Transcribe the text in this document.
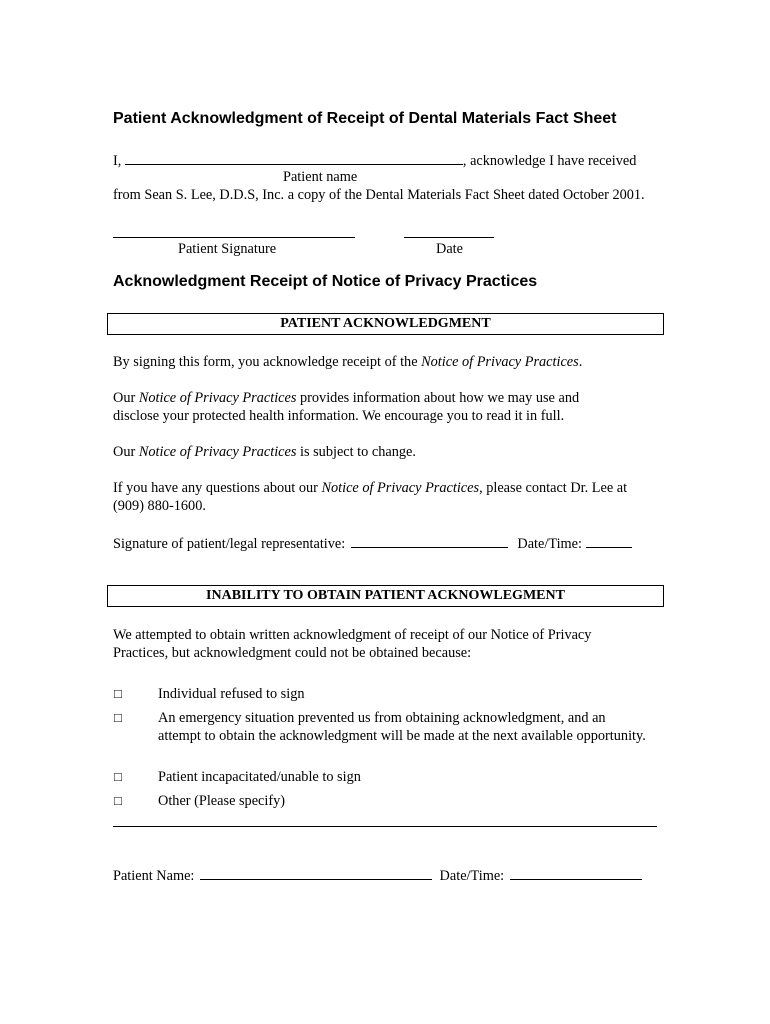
Patient Acknowledgment of Receipt of Dental Materials Fact Sheet
I,	, acknowledge I have received
Patient name
from Sean S. Lee, D.D.S, Inc. a copy of the Dental Materials Fact Sheet dated October 2001.
Patient Signature	Date
Acknowledgment Receipt of Notice of Privacy Practices
PATIENT ACKNOWLEDGMENT
By signing this form, you acknowledge receipt of the Notice of Privacy Practices.
Our Notice of Privacy Practices provides information about how we may use and disclose your protected health information. We encourage you to read it in full.
Our Notice of Privacy Practices is subject to change.
If you have any questions about our Notice of Privacy Practices, please contact Dr. Lee at (909) 880-1600.
Signature of patient/legal representative:	Date/Time:
INABILITY TO OBTAIN PATIENT ACKNOWLEGMENT
We attempted to obtain written acknowledgment of receipt of our Notice of Privacy Practices, but acknowledgment could not be obtained because:
□	Individual refused to sign
□	An emergency situation prevented us from obtaining acknowledgment, and an attempt to obtain the acknowledgment will be made at the next available opportunity.
□	Patient incapacitated/unable to sign
□	Other (Please specify)
Patient Name:	Date/Time:
